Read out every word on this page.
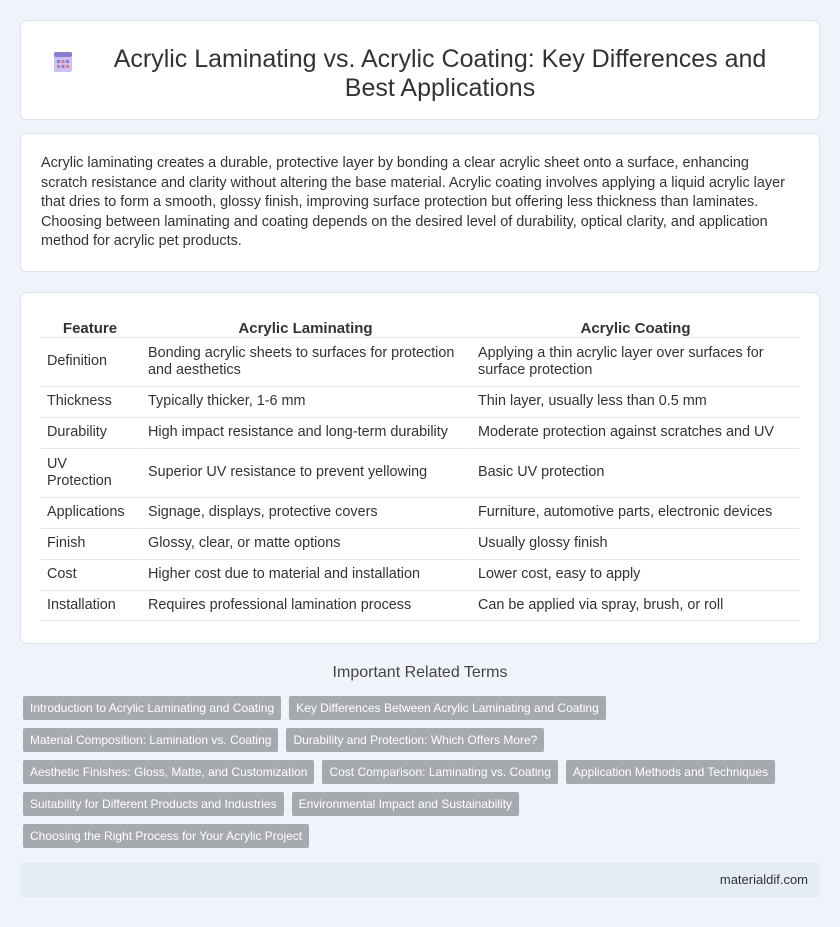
Acrylic Laminating vs. Acrylic Coating: Key Differences and Best Applications

Acrylic laminating creates a durable, protective layer by bonding a clear acrylic sheet onto a surface, enhancing scratch resistance and clarity without altering the base material. Acrylic coating involves applying a liquid acrylic layer that dries to form a smooth, glossy finish, improving surface protection but offering less thickness than laminates. Choosing between laminating and coating depends on the desired level of durability, optical clarity, and application method for acrylic pet products.

Feature	Acrylic Laminating	Acrylic Coating
Definition	Bonding acrylic sheets to surfaces for protection and aesthetics	Applying a thin acrylic layer over surfaces for surface protection
Thickness	Typically thicker, 1-6 mm	Thin layer, usually less than 0.5 mm
Durability	High impact resistance and long-term durability	Moderate protection against scratches and UV
UV Protection	Superior UV resistance to prevent yellowing	Basic UV protection
Applications	Signage, displays, protective covers	Furniture, automotive parts, electronic devices
Finish	Glossy, clear, or matte options	Usually glossy finish
Cost	Higher cost due to material and installation	Lower cost, easy to apply
Installation	Requires professional lamination process	Can be applied via spray, brush, or roll
Important Related Terms
Introduction to Acrylic Laminating and Coating	Key Differences Between Acrylic Laminating and Coating
Material Composition: Lamination vs. Coating	Durability and Protection: Which Offers More?
Aesthetic Finishes: Gloss, Matte, and Customization	Cost Comparison: Laminating vs. Coating	Application Methods and Techniques
Suitability for Different Products and Industries	Environmental Impact and Sustainability
Choosing the Right Process for Your Acrylic Project
materialdif.com
